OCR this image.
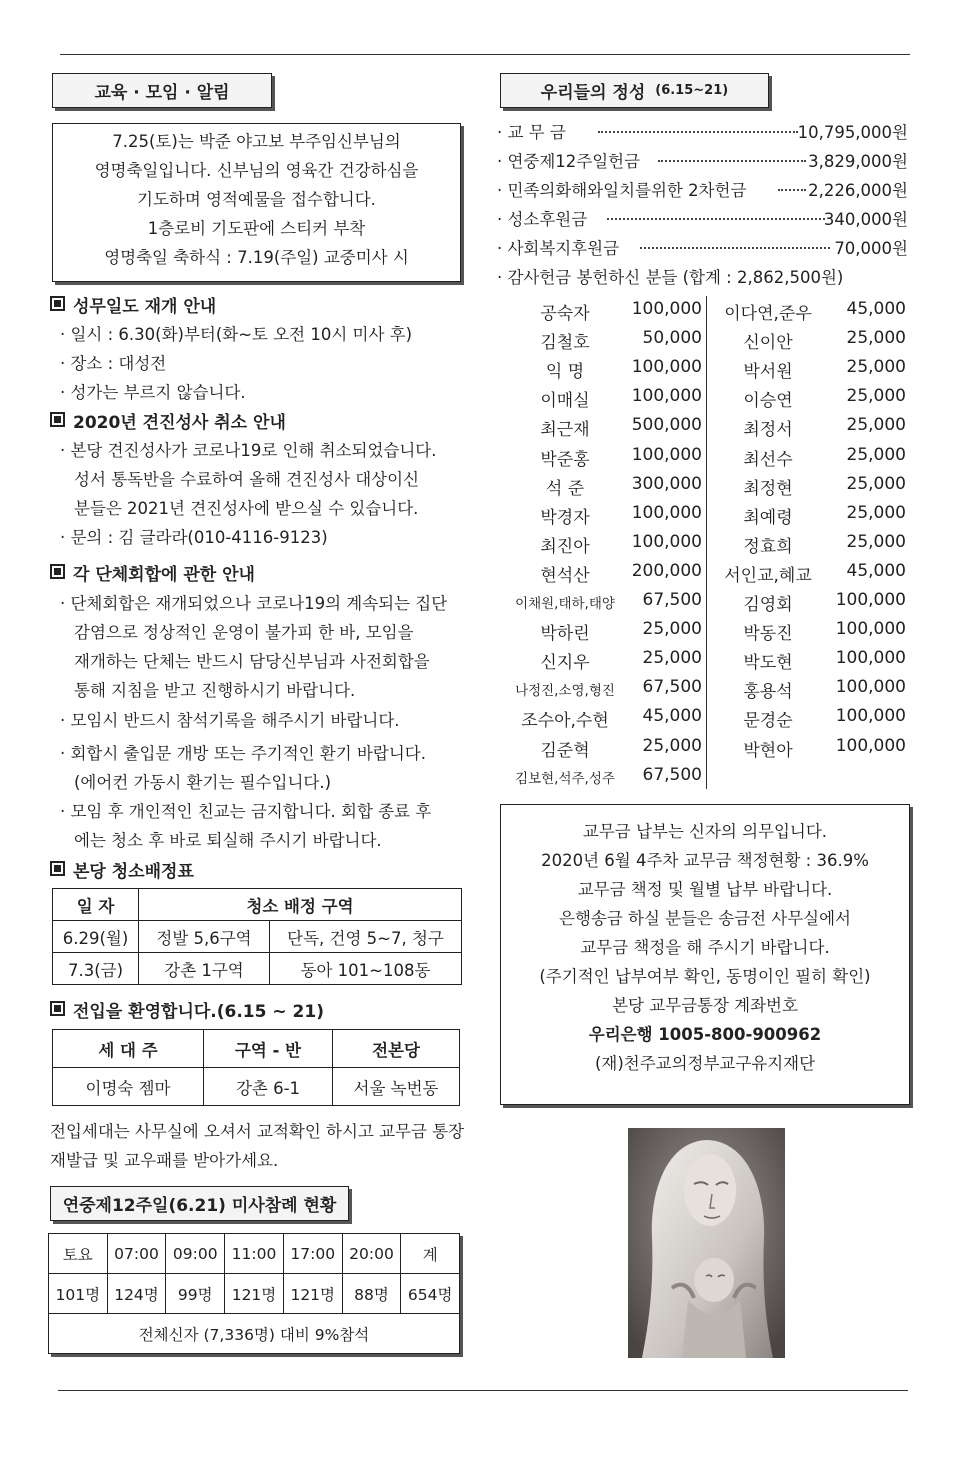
교육 · 모임 · 알림
7.25(토)는 박준 야고보 부주임신부님의
영명축일입니다. 신부님의 영육간 건강하심을
기도하며 영적예물을 접수합니다.
1층로비 기도판에 스티커 부착
영명축일 축하식 : 7.19(주일) 교중미사 시
성무일도 재개 안내
· 일시 : 6.30(화)부터(화~토 오전 10시 미사 후)
· 장소 : 대성전
· 성가는 부르지 않습니다.
2020년 견진성사 취소 안내
· 본당 견진성사가 코로나19로 인해 취소되었습니다.
성서 통독반을 수료하여 올해 견진성사 대상이신
분들은 2021년 견진성사에 받으실 수 있습니다.
· 문의 : 김 글라라(010-4116-9123)
각 단체회합에 관한 안내
· 단체회합은 재개되었으나 코로나19의 계속되는 집단
감염으로 정상적인 운영이 불가피 한 바, 모임을
재개하는 단체는 반드시 담당신부님과 사전회합을
통해 지침을 받고 진행하시기 바랍니다.
· 모임시 반드시 참석기록을 해주시기 바랍니다.
· 회합시 출입문 개방 또는 주기적인 환기 바랍니다.
(에어컨 가동시 환기는 필수입니다.)
· 모임 후 개인적인 친교는 금지합니다. 회합 종료 후
에는 청소 후 바로 퇴실해 주시기 바랍니다.
본당 청소배정표
일 자	청소 배정 구역	
6.29(월)	정발 5,6구역	단독, 건영 5~7, 청구
7.3(금)	강촌 1구역	동아 101~108동
전입을 환영합니다.(6.15 ~ 21)
세 대 주	구역 - 반	전본당
이명숙 젬마	강촌 6-1	서울 녹번동
전입세대는 사무실에 오셔서 교적확인 하시고 교무금 통장
재발급 및 교우패를 받아가세요.
연중제12주일(6.21) 미사참례 현황
토요	07:00	09:00	11:00	17:00	20:00	계
101명	124명	99명	121명	121명	88명	654명
전체신자 (7,336명) 대비 9%참석						
우리들의 정성 (6.15~21)
· 교 무 금	10,795,000원
· 연중제12주일헌금	3,829,000원
· 민족의화해와일치를위한 2차헌금	2,226,000원
· 성소후원금	340,000원
· 사회복지후원금	70,000원
· 감사헌금 봉헌하신 분들 (합계 : 2,862,500원)
공숙자	100,000
김철호	50,000
익 명	100,000
이매실	100,000
최근재	500,000
박준홍	100,000
석 준	300,000
박경자	100,000
최진아	100,000
현석산	200,000
이채원,태하,태양	67,500
박하린	25,000
신지우	25,000
나정진,소영,형진	67,500
조수아,수현	45,000
김준혁	25,000
김보현,석주,성주	67,500
이다연,준우	45,000
신이안	25,000
박서원	25,000
이승연	25,000
최정서	25,000
최선수	25,000
최정현	25,000
최예령	25,000
정효희	25,000
서인교,혜교	45,000
김영회	100,000
박동진	100,000
박도현	100,000
홍용석	100,000
문경순	100,000
박현아	100,000
교무금 납부는 신자의 의무입니다.
2020년 6월 4주차 교무금 책정현황 : 36.9%
교무금 책정 및 월별 납부 바랍니다.
은행송금 하실 분들은 송금전 사무실에서
교무금 책정을 해 주시기 바랍니다.
(주기적인 납부여부 확인, 동명이인 필히 확인)
본당 교무금통장 계좌번호
우리은행 1005-800-900962
(재)천주교의정부교구유지재단
